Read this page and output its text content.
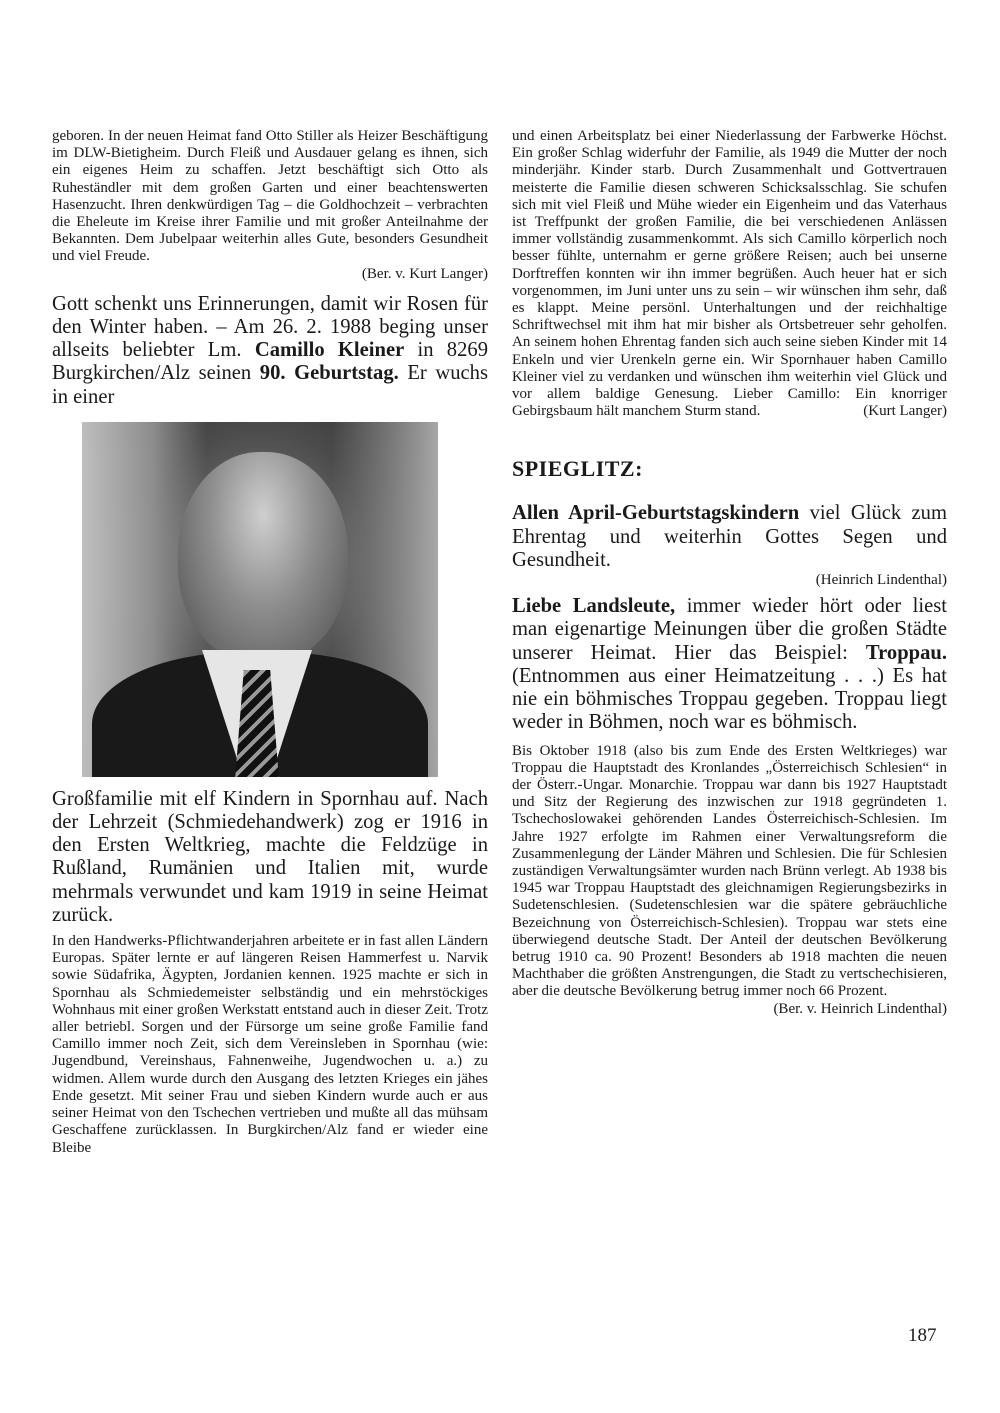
geboren. In der neuen Heimat fand Otto Stiller als Heizer Beschäftigung im DLW-Bietigheim. Durch Fleiß und Ausdauer gelang es ihnen, sich ein eigenes Heim zu schaffen. Jetzt beschäftigt sich Otto als Ruheständler mit dem großen Garten und einer beachtenswerten Hasenzucht. Ihren denkwürdigen Tag – die Goldhochzeit – verbrachten die Eheleute im Kreise ihrer Familie und mit großer Anteilnahme der Bekannten. Dem Jubelpaar weiterhin alles Gute, besonders Gesundheit und viel Freude.

(Ber. v. Kurt Langer)

Gott schenkt uns Erinnerungen, damit wir Rosen für den Winter haben. – Am 26. 2. 1988 beging unser allseits beliebter Lm. Camillo Kleiner in 8269 Burgkirchen/Alz seinen 90. Geburtstag. Er wuchs in einer

Großfamilie mit elf Kindern in Spornhau auf. Nach der Lehrzeit (Schmiedehandwerk) zog er 1916 in den Ersten Weltkrieg, machte die Feldzüge in Rußland, Rumänien und Italien mit, wurde mehrmals verwundet und kam 1919 in seine Heimat zurück.

In den Handwerks-Pflichtwanderjahren arbeitete er in fast allen Ländern Europas. Später lernte er auf längeren Reisen Hammerfest u. Narvik sowie Südafrika, Ägypten, Jordanien kennen. 1925 machte er sich in Spornhau als Schmiedemeister selbständig und ein mehrstöckiges Wohnhaus mit einer großen Werkstatt entstand auch in dieser Zeit. Trotz aller betriebl. Sorgen und der Fürsorge um seine große Familie fand Camillo immer noch Zeit, sich dem Vereinsleben in Spornhau (wie: Jugendbund, Vereinshaus, Fahnenweihe, Jugendwochen u. a.) zu widmen. Allem wurde durch den Ausgang des letzten Krieges ein jähes Ende gesetzt. Mit seiner Frau und sieben Kindern wurde auch er aus seiner Heimat von den Tschechen vertrieben und mußte all das mühsam Geschaffene zurücklassen. In Burgkirchen/Alz fand er wieder eine Bleibe

und einen Arbeitsplatz bei einer Niederlassung der Farbwerke Höchst. Ein großer Schlag widerfuhr der Familie, als 1949 die Mutter der noch minderjähr. Kinder starb. Durch Zusammenhalt und Gottvertrauen meisterte die Familie diesen schweren Schicksalsschlag. Sie schufen sich mit viel Fleiß und Mühe wieder ein Eigenheim und das Vaterhaus ist Treffpunkt der großen Familie, die bei verschiedenen Anlässen immer vollständig zusammenkommt. Als sich Camillo körperlich noch besser fühlte, unternahm er gerne größere Reisen; auch bei unserne Dorftreffen konnten wir ihn immer begrüßen. Auch heuer hat er sich vorgenommen, im Juni unter uns zu sein – wir wünschen ihm sehr, daß es klappt. Meine persönl. Unterhaltungen und der reichhaltige Schriftwechsel mit ihm hat mir bisher als Ortsbetreuer sehr geholfen. An seinem hohen Ehrentag fanden sich auch seine sieben Kinder mit 14 Enkeln und vier Urenkeln gerne ein. Wir Spornhauer haben Camillo Kleiner viel zu verdanken und wünschen ihm weiterhin viel Glück und vor allem baldige Genesung. Lieber Camillo: Ein knorriger Gebirgsbaum hält manchem Sturm stand.	(Kurt Langer)

SPIEGLITZ:

Allen April-Geburtstagskindern viel Glück zum Ehrentag und weiterhin Gottes Segen und Gesundheit.

(Heinrich Lindenthal)

Liebe Landsleute, immer wieder hört oder liest man eigenartige Meinungen über die großen Städte unserer Heimat. Hier das Beispiel: Troppau. (Entnommen aus einer Heimatzeitung . . .) Es hat nie ein böhmisches Troppau gegeben. Troppau liegt weder in Böhmen, noch war es böhmisch.

Bis Oktober 1918 (also bis zum Ende des Ersten Weltkrieges) war Troppau die Hauptstadt des Kronlandes „Österreichisch Schlesien“ in der Österr.-Ungar. Monarchie. Troppau war dann bis 1927 Hauptstadt und Sitz der Regierung des inzwischen zur 1918 gegründeten 1. Tschechoslowakei gehörenden Landes Österreichisch-Schlesien. Im Jahre 1927 erfolgte im Rahmen einer Verwaltungsreform die Zusammenlegung der Länder Mähren und Schlesien. Die für Schlesien zuständigen Verwaltungsämter wurden nach Brünn verlegt. Ab 1938 bis 1945 war Troppau Hauptstadt des gleichnamigen Regierungsbezirks in Sudetenschlesien. (Sudetenschlesien war die spätere gebräuchliche Bezeichnung von Österreichisch-Schlesien). Troppau war stets eine überwiegend deutsche Stadt. Der Anteil der deutschen Bevölkerung betrug 1910 ca. 90 Prozent! Besonders ab 1918 machten die neuen Machthaber die größten Anstrengungen, die Stadt zu vertschechisieren, aber die deutsche Bevölkerung betrug immer noch 66 Prozent.

(Ber. v. Heinrich Lindenthal)

187
